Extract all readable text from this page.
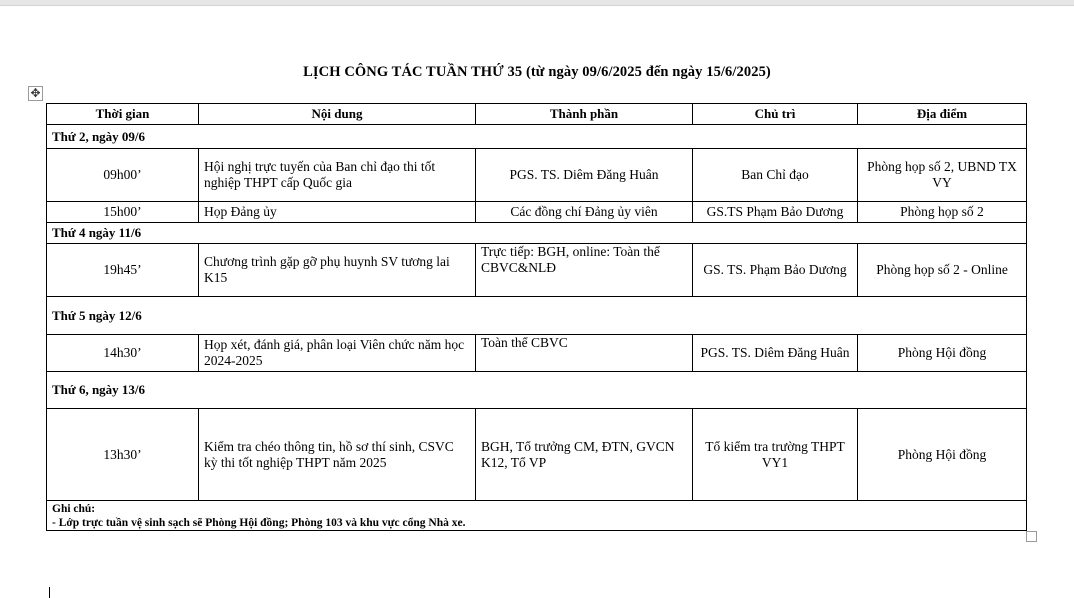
LỊCH CÔNG TÁC TUẦN THỨ 35 (từ ngày 09/6/2025 đến ngày 15/6/2025)
✥
Thời gian	Nội dung	Thành phần	Chủ trì	Địa điểm
Thứ 2, ngày 09/6				
09h00’	Hội nghị trực tuyến của Ban chỉ đạo thi tốt nghiệp THPT cấp Quốc gia	PGS. TS. Diêm Đăng Huân	Ban Chỉ đạo	Phòng họp số 2, UBND TX VY
15h00’	Họp Đảng ủy	Các đồng chí Đảng ủy viên	GS.TS Phạm Bảo Dương	Phòng họp số 2
Thứ 4 ngày 11/6				
19h45’	Chương trình gặp gỡ phụ huynh SV tương lai K15	Trực tiếp: BGH, online: Toàn thể CBVC&NLĐ	GS. TS. Phạm Bảo Dương	Phòng họp số 2 - Online
Thứ 5 ngày 12/6				
14h30’	Họp xét, đánh giá, phân loại Viên chức năm học 2024-2025	Toàn thể CBVC	PGS. TS. Diêm Đăng Huân	Phòng Hội đồng
Thứ 6, ngày 13/6				
13h30’	Kiểm tra chéo thông tin, hồ sơ thí sinh, CSVC kỳ thi tốt nghiệp THPT năm 2025	BGH, Tổ trưởng CM, ĐTN, GVCN K12, Tổ VP	Tổ kiểm tra trường THPT VY1	Phòng Hội đồng

Ghi chú:
- Lớp trực tuần vệ sinh sạch sẽ Phòng Hội đồng; Phòng 103 và khu vực cổng Nhà xe.				
